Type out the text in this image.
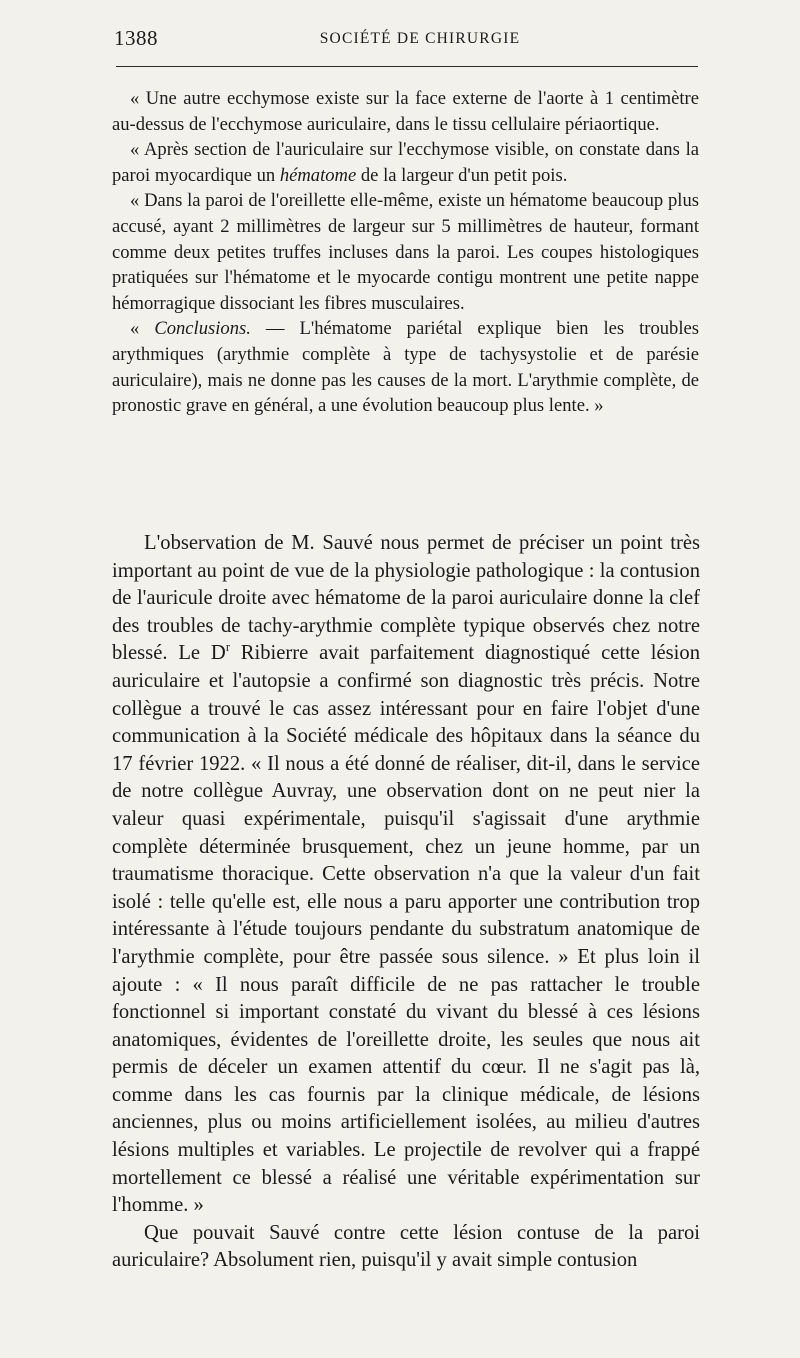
1388	SOCIÉTÉ DE CHIRURGIE

« Une autre ecchymose existe sur la face externe de l'aorte à 1 centimètre au-dessus de l'ecchymose auriculaire, dans le tissu cellulaire périaortique.

« Après section de l'auriculaire sur l'ecchymose visible, on constate dans la paroi myocardique un hématome de la largeur d'un petit pois.

« Dans la paroi de l'oreillette elle-même, existe un hématome beaucoup plus accusé, ayant 2 millimètres de largeur sur 5 millimètres de hauteur, formant comme deux petites truffes incluses dans la paroi. Les coupes histologiques pratiquées sur l'hématome et le myocarde contigu montrent une petite nappe hémorragique dissociant les fibres musculaires.

« Conclusions. — L'hématome pariétal explique bien les troubles arythmiques (arythmie complète à type de tachysystolie et de parésie auriculaire), mais ne donne pas les causes de la mort. L'arythmie complète, de pronostic grave en général, a une évolution beaucoup plus lente. »

L'observation de M. Sauvé nous permet de préciser un point très important au point de vue de la physiologie pathologique : la contusion de l'auricule droite avec hématome de la paroi auriculaire donne la clef des troubles de tachy-arythmie complète typique observés chez notre blessé. Le $D^r$ Ribierre avait parfaitement diagnostiqué cette lésion auriculaire et l'autopsie a confirmé son diagnostic très précis. Notre collègue a trouvé le cas assez intéressant pour en faire l'objet d'une communication à la Société médicale des hôpitaux dans la séance du 17 février 1922. « Il nous a été donné de réaliser, dit-il, dans le service de notre collègue Auvray, une observation dont on ne peut nier la valeur quasi expérimentale, puisqu'il s'agissait d'une arythmie complète déterminée brusquement, chez un jeune homme, par un traumatisme thoracique. Cette observation n'a que la valeur d'un fait isolé : telle qu'elle est, elle nous a paru apporter une contribution trop intéressante à l'étude toujours pendante du substratum anatomique de l'arythmie complète, pour être passée sous silence. » Et plus loin il ajoute : « Il nous paraît difficile de ne pas rattacher le trouble fonctionnel si important constaté du vivant du blessé à ces lésions anatomiques, évidentes de l'oreillette droite, les seules que nous ait permis de déceler un examen attentif du cœur. Il ne s'agit pas là, comme dans les cas fournis par la clinique médicale, de lésions anciennes, plus ou moins artificiellement isolées, au milieu d'autres lésions multiples et variables. Le projectile de revolver qui a frappé mortellement ce blessé a réalisé une véritable expérimentation sur l'homme. »

Que pouvait Sauvé contre cette lésion contuse de la paroi auriculaire? Absolument rien, puisqu'il y avait simple contusion
